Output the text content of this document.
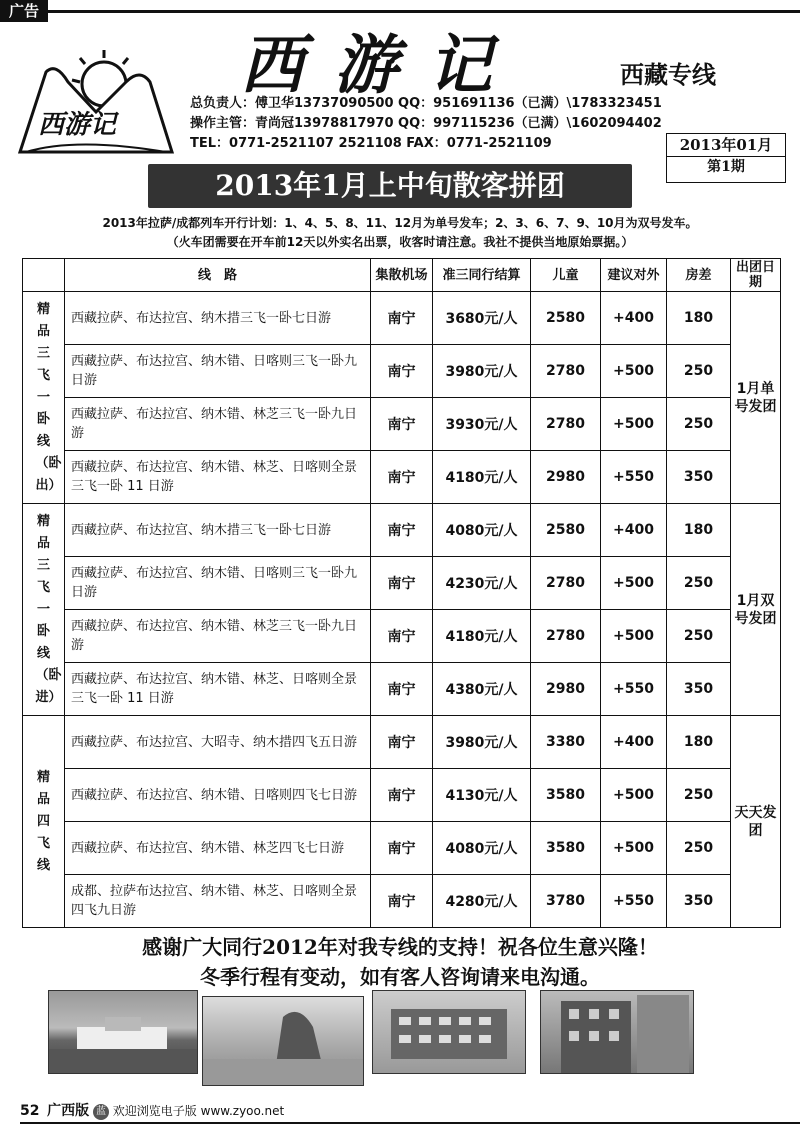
广告
西游记
西游记	西藏专线
总负责人：傅卫华13737090500 QQ：951691136（已满）\1783323451
操作主管：青尚冠13978817970 QQ：997115236（已满）\1602094402
TEL：0771-2521107 2521108 FAX：0771-2521109	2013年01月
第1期
2013年1月上中旬散客拼团
2013年拉萨/成都列车开行计划：1、4、5、8、11、12月为单号发车；2、3、6、7、9、10月为双号发车。
（火车团需要在开车前12天以外实名出票，收客时请注意。我社不提供当地原始票据。）
	线　路	集散机场	准三同行结算	儿童	建议对外	房差	出团日期
精品三飞一卧线（卧出）	西藏拉萨、布达拉宫、纳木措三飞一卧七日游	南宁	3680元/人	2580	+400	180	1月单号发团
	西藏拉萨、布达拉宫、纳木错、日喀则三飞一卧九日游	南宁	3980元/人	2780	+500	250	
	西藏拉萨、布达拉宫、纳木错、林芝三飞一卧九日游	南宁	3930元/人	2780	+500	250	
	西藏拉萨、布达拉宫、纳木错、林芝、日喀则全景三飞一卧 11 日游	南宁	4180元/人	2980	+550	350	
精品三飞一卧线（卧进）	西藏拉萨、布达拉宫、纳木措三飞一卧七日游	南宁	4080元/人	2580	+400	180	1月双号发团
	西藏拉萨、布达拉宫、纳木错、日喀则三飞一卧九日游	南宁	4230元/人	2780	+500	250	
	西藏拉萨、布达拉宫、纳木错、林芝三飞一卧九日游	南宁	4180元/人	2780	+500	250	
	西藏拉萨、布达拉宫、纳木错、林芝、日喀则全景三飞一卧 11 日游	南宁	4380元/人	2980	+550	350	
精品四飞线	西藏拉萨、布达拉宫、大昭寺、纳木措四飞五日游	南宁	3980元/人	3380	+400	180	天天发团
	西藏拉萨、布达拉宫、纳木错、日喀则四飞七日游	南宁	4130元/人	3580	+500	250	
	西藏拉萨、布达拉宫、纳木错、林芝四飞七日游	南宁	4080元/人	3580	+500	250	
	成都、拉萨布达拉宫、纳木错、林芝、日喀则全景四飞九日游	南宁	4280元/人	3780	+550	350	
感谢广大同行2012年对我专线的支持！祝各位生意兴隆！
冬季行程有变动，如有客人咨询请来电沟通。
52 广西版 蓝 欢迎浏览电子版 www.zyoo.net
